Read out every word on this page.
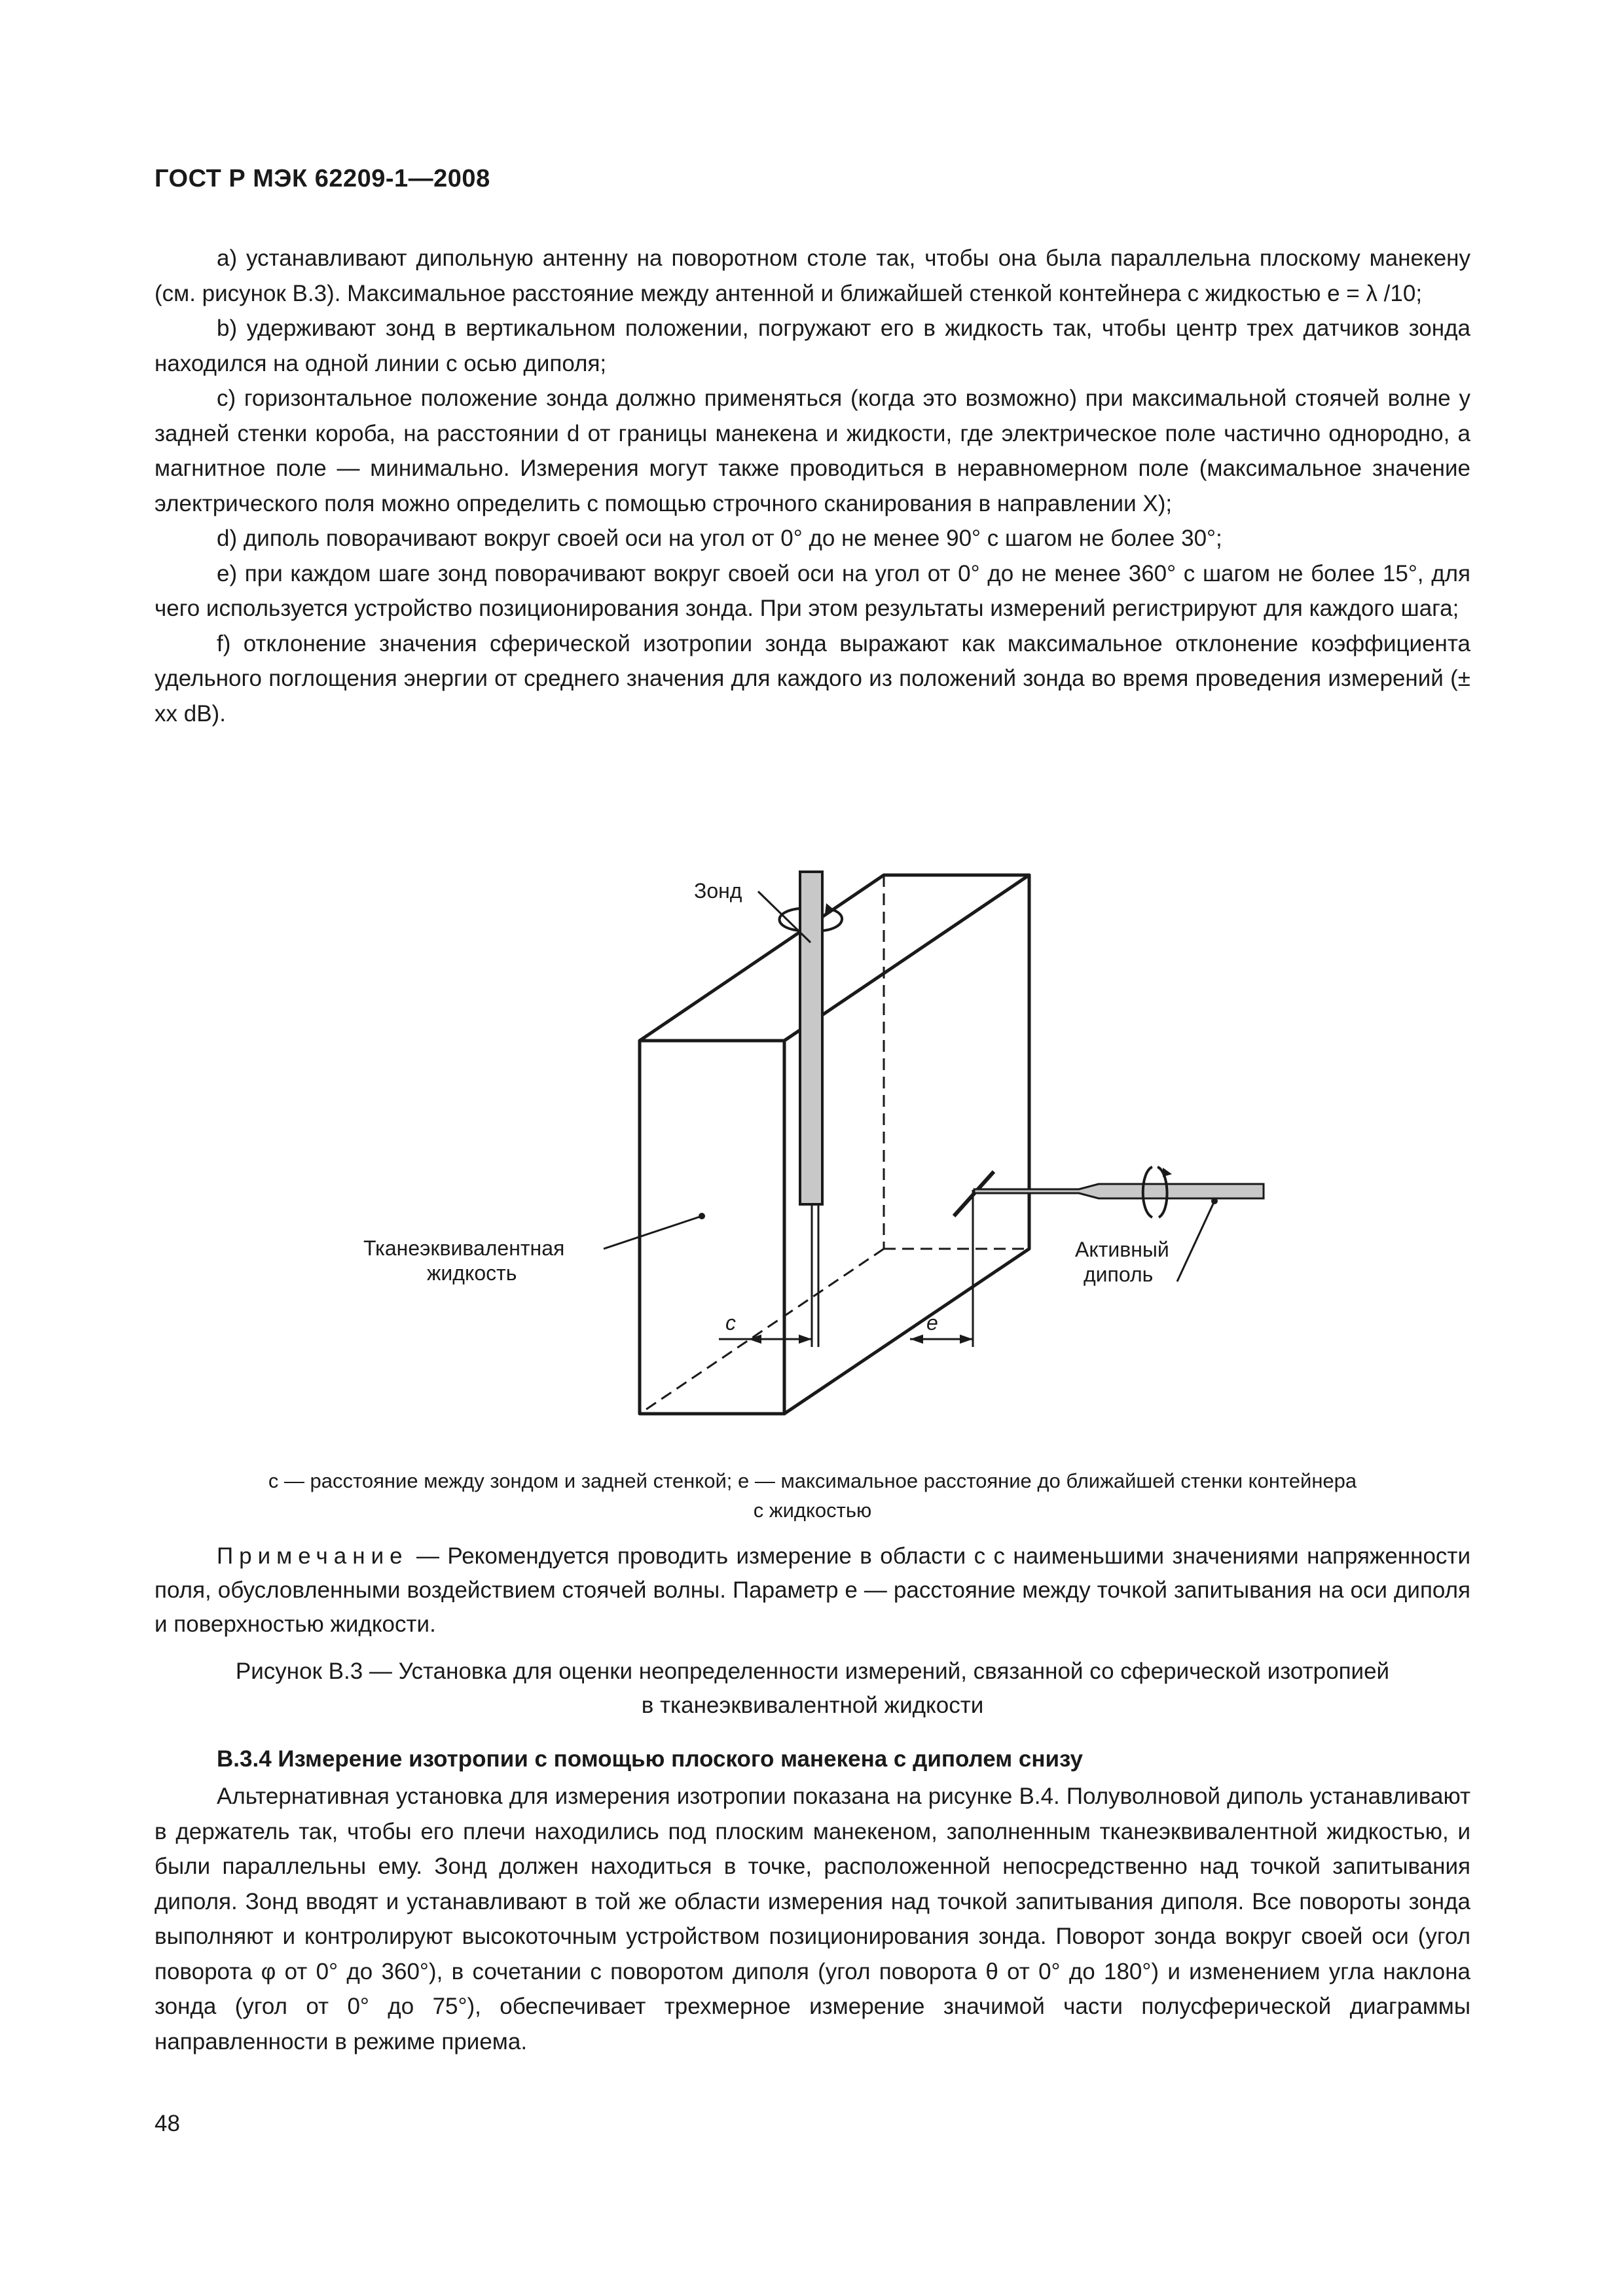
ГОСТ Р МЭК 62209-1—2008

а) устанавливают дипольную антенну на поворотном столе так, чтобы она была параллельна плоскому манекену (см. рисунок В.3). Максимальное расстояние между антенной и ближайшей стенкой контейнера с жидкостью e = λ /10;

b) удерживают зонд в вертикальном положении, погружают его в жидкость так, чтобы центр трех датчиков зонда находился на одной линии с осью диполя;

с) горизонтальное положение зонда должно применяться (когда это возможно) при максимальной стоячей волне у задней стенки короба, на расстоянии d от границы манекена и жидкости, где электрическое поле частично однородно, а магнитное поле — минимально. Измерения могут также проводиться в неравномерном поле (максимальное значение электрического поля можно определить с помощью строчного сканирования в направлении X);

d) диполь поворачивают вокруг своей оси на угол от 0° до не менее 90° с шагом не более 30°;

е) при каждом шаге зонд поворачивают вокруг своей оси на угол от 0° до не менее 360° с шагом не более 15°, для чего используется устройство позиционирования зонда. При этом результаты измерений регистрируют для каждого шага;

f) отклонение значения сферической изотропии зонда выражают как максимальное отклонение коэффициента удельного поглощения энергии от среднего значения для каждого из положений зонда во время проведения измерений (± xx dB).

Зонд
Тканеэквивалентная
жидкость
Активный
диполь
c	e
c — расстояние между зондом и задней стенкой; e — максимальное расстояние до ближайшей стенки контейнера
с жидкостью

Примечание — Рекомендуется проводить измерение в области c с наименьшими значениями напряженности поля, обусловленными воздействием стоячей волны. Параметр e — расстояние между точкой запитывания на оси диполя и поверхностью жидкости.

Рисунок В.3 — Установка для оценки неопределенности измерений, связанной со сферической изотропией
в тканеэквивалентной жидкости
В.3.4 Измерение изотропии с помощью плоского манекена с диполем снизу

Альтернативная установка для измерения изотропии показана на рисунке В.4. Полуволновой диполь устанавливают в держатель так, чтобы его плечи находились под плоским манекеном, заполненным тканеэквивалентной жидкостью, и были параллельны ему. Зонд должен находиться в точке, расположенной непосредственно над точкой запитывания диполя. Зонд вводят и устанавливают в той же области измерения над точкой запитывания диполя. Все повороты зонда выполняют и контролируют высокоточным устройством позиционирования зонда. Поворот зонда вокруг своей оси (угол поворота φ от 0° до 360°), в сочетании с поворотом диполя (угол поворота θ от 0° до 180°) и изменением угла наклона зонда (угол от 0° до 75°), обеспечивает трехмерное измерение значимой части полусферической диаграммы направленности в режиме приема.

48
